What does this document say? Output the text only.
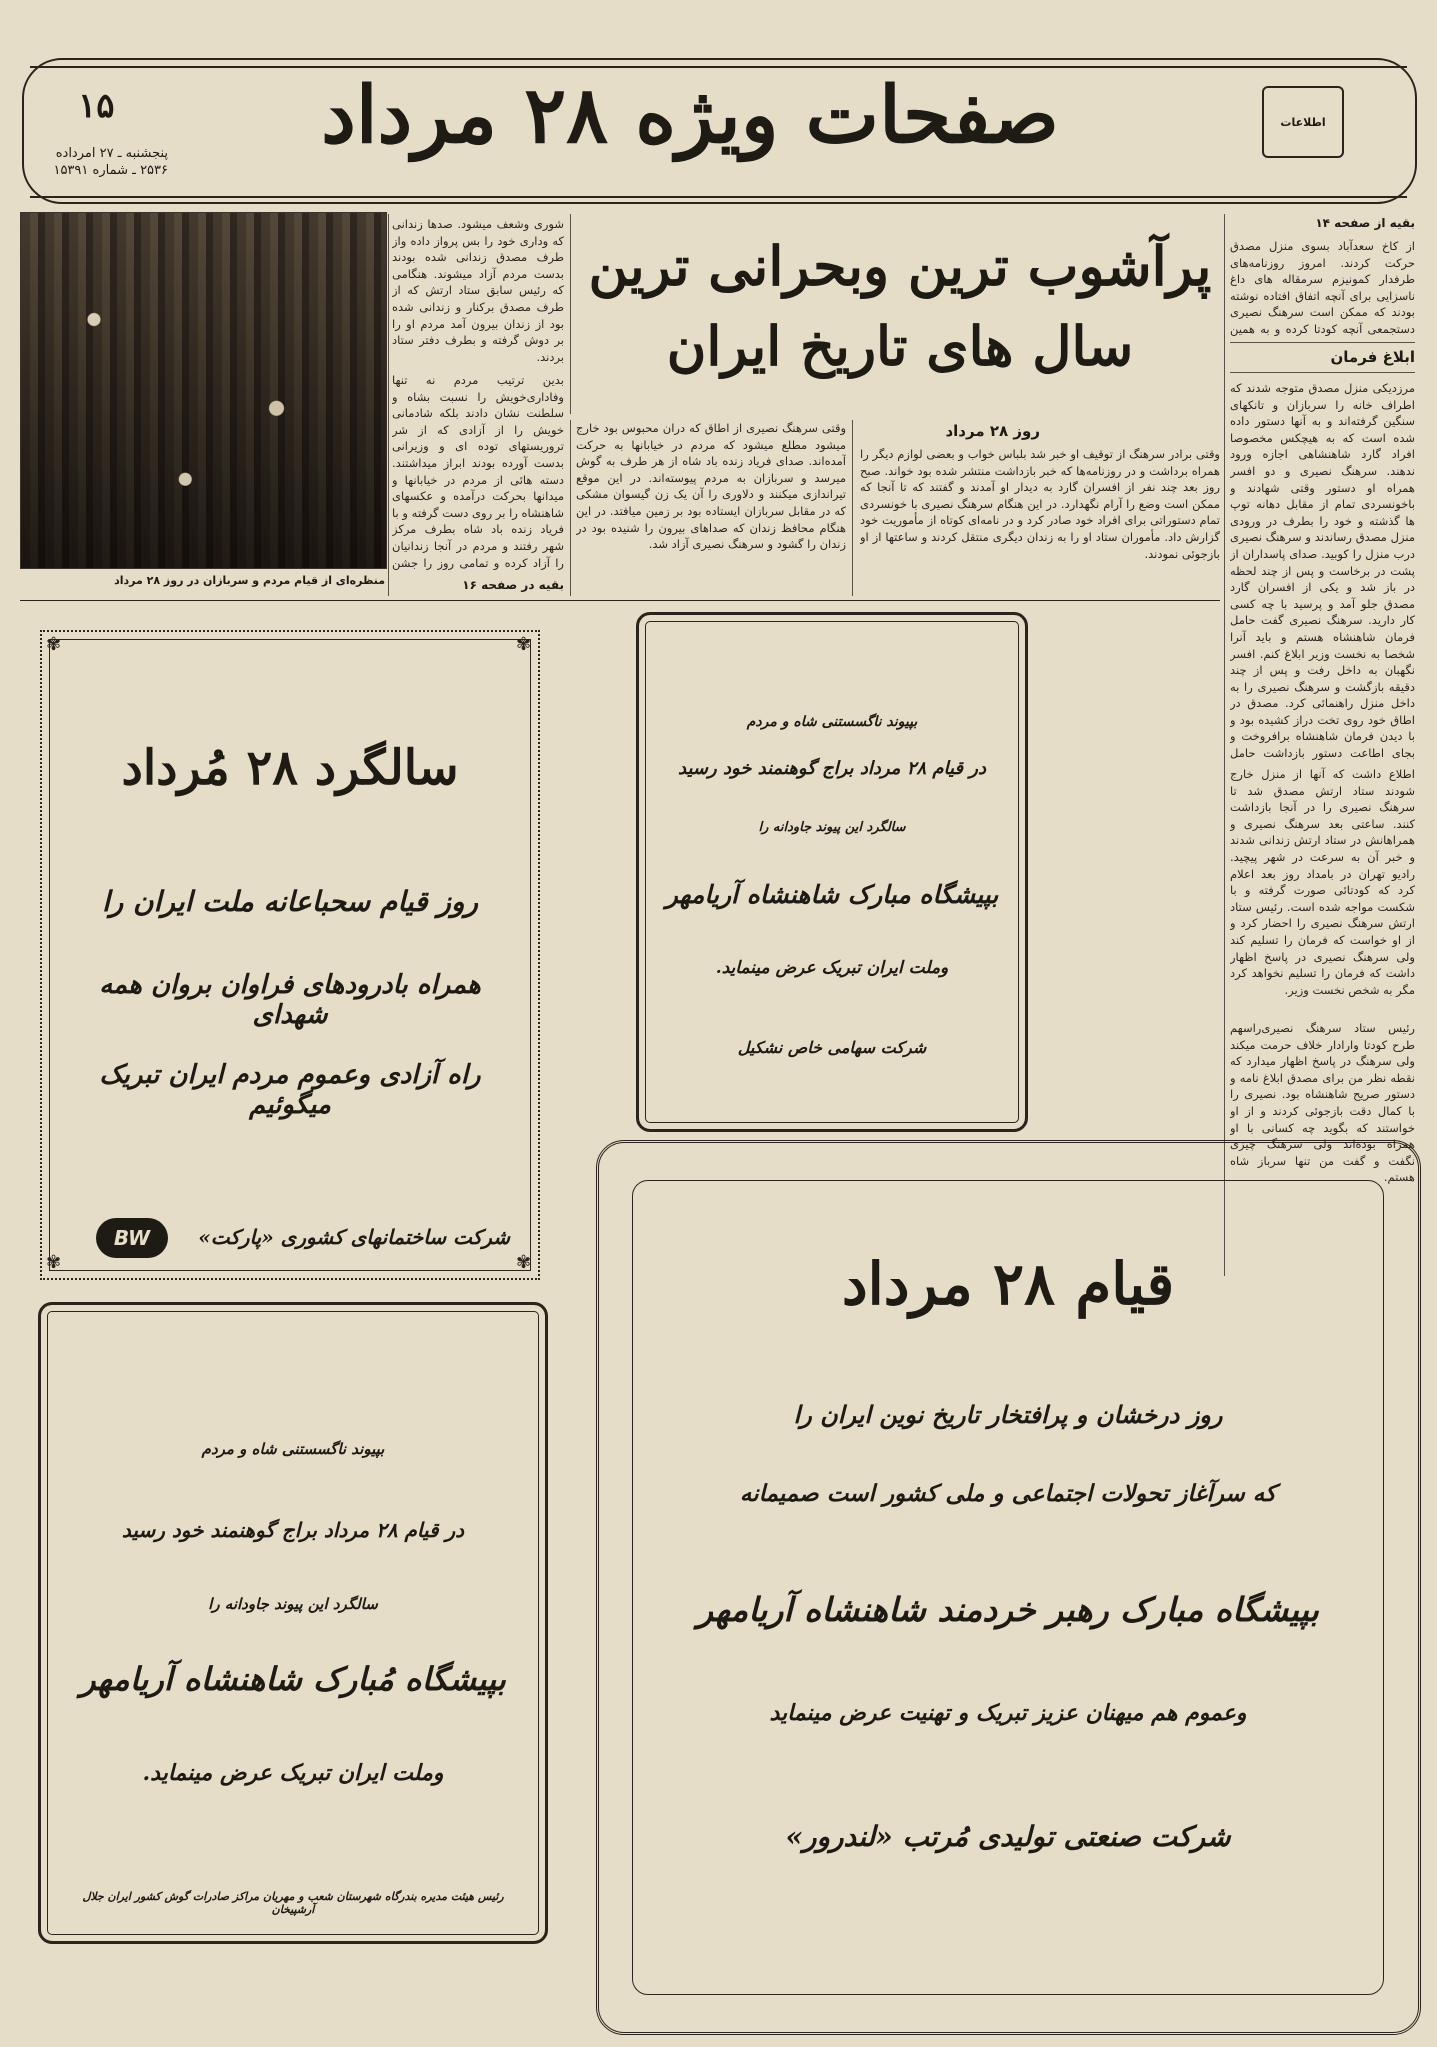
۱۵
پنجشنبه ـ ۲۷ امرداده
۲۵۳۶ ـ شماره ۱۵۳۹۱
صفحات ویژه ۲۸ مرداد	اطلاعات
پرآشوب ترین وبحرانی ترین
سال های تاریخ ایران
بقیه از صفحه ۱۴
از کاخ سعدآباد بسوی منزل مصدق حرکت کردند. امروز روزنامه‌های طرفدار کمونیزم سرمقاله های داغ ناسزایی برای آنچه اتفاق افتاده نوشته بودند که ممکن است سرهنگ نصیری دستجمعی آنچه کودتا کرده و به همین
ابلاغ فرمان
مرزدیکی منزل مصدق متوجه شدند که اطراف خانه را سربازان و تانکهای سنگین گرفته‌اند و به آنها دستور داده شده است که به هیچکس مخصوصا افراد گارد شاهنشاهی اجازه ورود ندهند. سرهنگ نصیری و دو افسر همراه او دستور وقتی شهادند و باخونسردی تمام از مقابل دهانه توپ ها گذشته و خود را بطرف در ورودی منزل مصدق رساندند و سرهنگ نصیری درب منزل را کوبید. صدای پاسداران از پشت در برخاست و پس از چند لحظه در باز شد و یکی از افسران گارد مصدق جلو آمد و پرسید با چه کسی کار دارید. سرهنگ نصیری گفت حامل فرمان شاهنشاه هستم و باید آنرا شخصا به نخست وزیر ابلاغ کنم. افسر نگهبان به داخل رفت و پس از چند دقیقه بازگشت و سرهنگ نصیری را به داخل منزل راهنمائی کرد. مصدق در اطاق خود روی تخت دراز کشیده بود و با دیدن فرمان شاهنشاه برافروخت و بجای اطاعت دستور بازداشت حامل
اطلاع داشت که آنها از منزل خارج شودند ستاد ارتش مصدق شد تا سرهنگ نصیری را در آنجا بازداشت کنند. ساعتی بعد سرهنگ نصیری و همراهانش در ستاد ارتش زندانی شدند و خبر آن به سرعت در شهر پیچید. رادیو تهران در بامداد روز بعد اعلام کرد که کودتائی صورت گرفته و با شکست مواجه شده است. رئیس ستاد ارتش سرهنگ نصیری را احضار کرد و از او خواست که فرمان را تسلیم کند ولی سرهنگ نصیری در پاسخ اظهار داشت که فرمان را تسلیم نخواهد کرد مگر به شخص نخست وزیر.
رئیس ستاد سرهنگ نصیری‌راسهم طرح کودتا وارادار خلاف حرمت میکند ولی سرهنگ در پاسخ اظهار میدارد که نقطه نظر من برای مصدق ابلاغ نامه و دستور صریح شاهنشاه بود. نصیری را با کمال دقت بازجوئی کردند و از او خواستند که بگوید چه کسانی با او همراه بوده‌اند ولی سرهنگ چیزی نگفت و گفت من تنها سرباز شاه هستم.
روز ۲۸ مرداد
وقتی برادر سرهنگ از توقیف او خبر شد بلباس خواب و بعضی لوازم دیگر را همراه برداشت و در روزنامه‌ها که خبر بازداشت منتشر شده بود خواند. صبح روز بعد چند نفر از افسران گارد به دیدار او آمدند و گفتند که تا آنجا که ممکن است وضع را آرام نگهدارد. در این هنگام سرهنگ نصیری با خونسردی تمام دستوراتی برای افراد خود صادر کرد و در نامه‌ای کوتاه از مأموریت خود گزارش داد. مأموران ستاد او را به زندان دیگری منتقل کردند و ساعتها از او بازجوئی نمودند.
وقتی سرهنگ نصیری از اطاق که دران محبوس بود خارج میشود مطلع میشود که مردم در خیابانها به حرکت آمده‌اند. صدای فریاد زنده باد شاه از هر طرف به گوش میرسد و سربازان به مردم پیوسته‌اند. در این موقع تیراندازی میکنند و دلاوری را آن یک زن گیسوان مشکی که در مقابل سربازان ایستاده بود بر زمین میافتد. در این هنگام محافظ زندان که صداهای بیرون را شنیده بود در زندان را گشود و سرهنگ نصیری آزاد شد.
شوری وشعف میشود. صدها زندانی که وداری خود را بس پرواز داده واز طرف مصدق زندانی شده بودند بدست مردم آزاد میشوند. هنگامی که رئیس سابق ستاد ارتش که از طرف مصدق برکنار و زندانی شده بود از زندان بیرون آمد مردم او را بر دوش گرفته و بطرف دفتر ستاد بردند.
بدین ترتیب مردم نه تنها وفاداری‌خویش را نسبت بشاه و سلطنت نشان دادند بلکه شادمانی خویش را از آزادی که از شر تروریستهای توده ای و وزیرانی بدست آورده بودند ابراز میداشتند. دسته هائی از مردم در خیابانها و میدانها بحرکت درآمده و عکسهای شاهنشاه را بر روی دست گرفته و با فریاد زنده باد شاه بطرف مرکز شهر رفتند و مردم در آنجا زندانیان را آزاد کرده و تمامی روز را جشن
بقیه در صفحه ۱۶
منظره‌ای از قیام مردم و سربازان در روز ۲۸ مرداد
✾	✾
✾	✾
سالگرد ۲۸ مُرداد
روز قیام سحباعانه ملت ایران را
همراه بادرودهای فراوان بروان همه شهدای
راه آزادی وعموم مردم ایران تبریک میگوئیم
شرکت ساختمانهای کشوری «پارکت»
BW
بپیوند ناگسستنی شاه و مردم
در قیام ۲۸ مرداد براج گوهنمند خود رسید
سالگرد این پیوند جاودانه را
بپیشگاه مبارک شاهنشاه آریامهر
وملت ایران تبریک عرض مینماید.
شرکت سهامی خاص نشکیل
بپیوند ناگسستنی شاه و مردم
در قیام ۲۸ مرداد براج گوهنمند خود رسید
سالگرد این پیوند جاودانه را
بپیشگاه مُبارک شاهنشاه آریامهر
وملت ایران تبریک عرض مینماید.
رئیس هیئت مدیره بندرگاه شهرستان شعب و مهریان مراکز صادرات گوش کشور ایران جلال آرشپیخان
قیام ۲۸ مرداد
روز درخشان و پرافتخار تاریخ نوین ایران را
که سرآغاز تحولات اجتماعی و ملی کشور است صمیمانه
بپیشگاه مبارک رهبر خردمند شاهنشاه آریامهر
وعموم هم میهنان عزیز تبریک و تهنیت عرض مینماید
شرکت صنعتی تولیدی مُرتب «لندرور»
